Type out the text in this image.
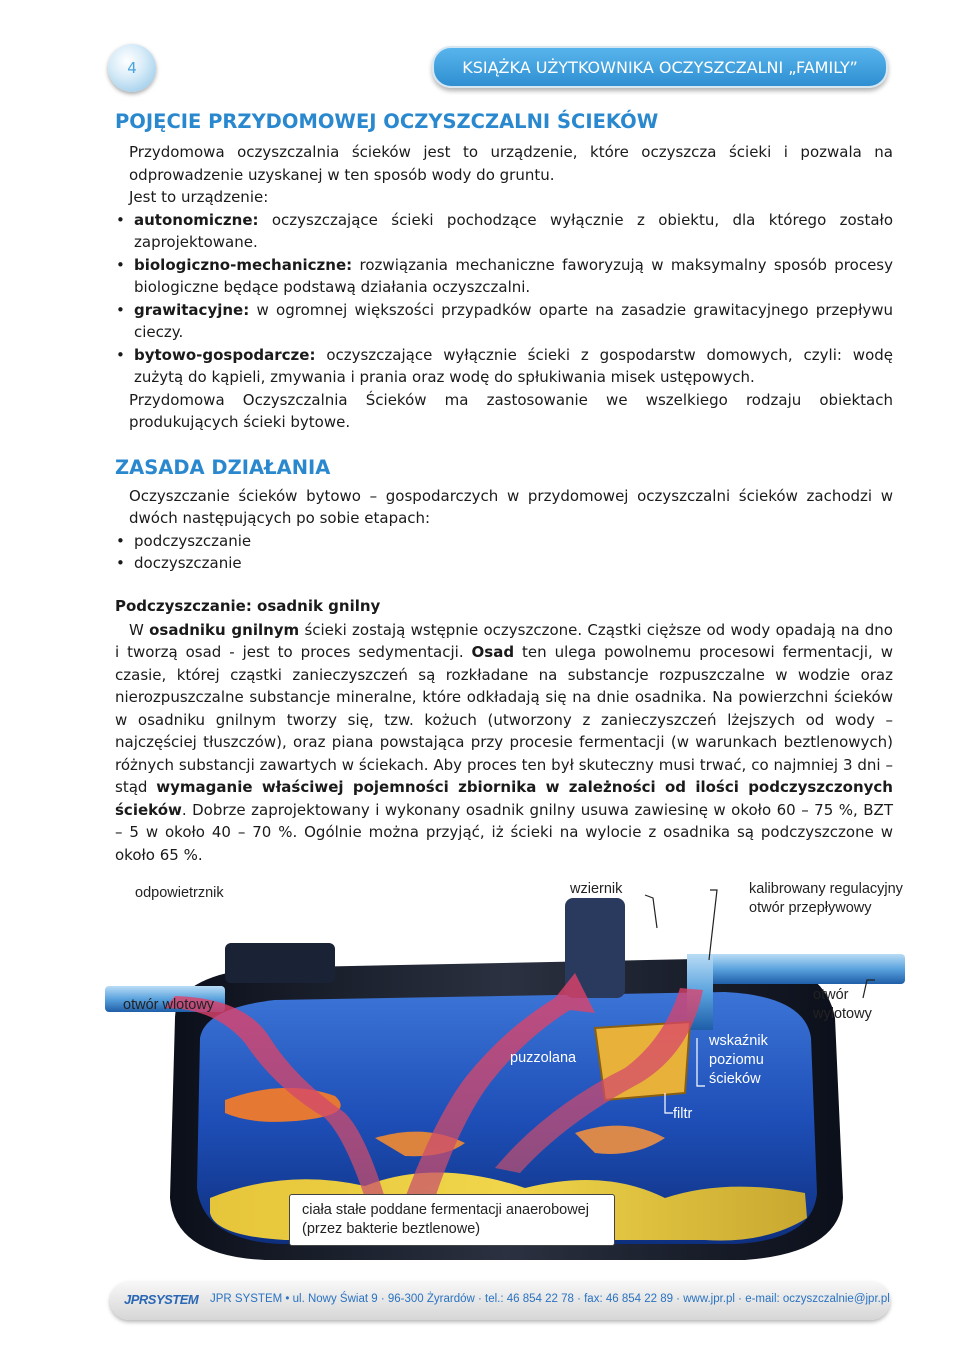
4	KSIĄŻKA UŻYTKOWNIKA OCZYSZCZALNI „FAMILY”
POJĘCIE PRZYDOMOWEJ OCZYSZCZALNI ŚCIEKÓW

Przydomowa oczyszczalnia ścieków jest to urządzenie, które oczyszcza ścieki i pozwala na odprowadzenie uzyskanej w ten sposób wody do gruntu.

Jest to urządzenie:

• autonomiczne: oczyszczające ścieki pochodzące wyłącznie z obiektu, dla którego zostało zaprojektowane.
• biologiczno-mechaniczne: rozwiązania mechaniczne faworyzują w maksymalny sposób procesy biologiczne będące podstawą działania oczyszczalni.
• grawitacyjne: w ogromnej większości przypadków oparte na zasadzie grawitacyjnego przepływu cieczy.
• bytowo-gospodarcze: oczyszczające wyłącznie ścieki z gospodarstw domowych, czyli: wodę zużytą do kąpieli, zmywania i prania oraz wodę do spłukiwania misek ustępowych.

Przydomowa Oczyszczalnia Ścieków ma zastosowanie we wszelkiego rodzaju obiektach produkujących ścieki bytowe.

ZASADA DZIAŁANIA

Oczyszczanie ścieków bytowo – gospodarczych w przydomowej oczyszczalni ścieków zachodzi w dwóch następujących po sobie etapach:

• podczyszczanie
• doczyszczanie

Podczyszczanie: osadnik gnilny

W osadniku gnilnym ścieki zostają wstępnie oczyszczone. Cząstki cięższe od wody opadają na dno i tworzą osad - jest to proces sedymentacji. Osad ten ulega powolnemu procesowi fermentacji, w czasie, której cząstki zanieczyszczeń są rozkładane na substancje rozpuszczalne w wodzie oraz nierozpuszczalne substancje mineralne, które odkładają się na dnie osadnika. Na powierzchni ścieków w osadniku gnilnym tworzy się, tzw. kożuch (utworzony z zanieczyszczeń lżejszych od wody – najczęściej tłuszczów), oraz piana powstająca przy procesie fermentacji (w warunkach beztlenowych) różnych substancji zawartych w ściekach. Aby proces ten był skuteczny musi trwać, co najmniej 3 dni – stąd wymaganie właściwej pojemności zbiornika w zależności od ilości podczyszczonych ścieków. Dobrze zaprojektowany i wykonany osadnik gnilny usuwa zawiesinę w około 60 – 75 %, BZT – 5 w około 40 – 70 %. Ogólnie można przyjąć, iż ścieki na wylocie z osadnika są podczyszczone w około 65 %.

odpowietrznik	wziernik	kalibrowany regulacyjny otwór przepływowy
otwór wlotowy
otwór wylotowy
puzzolana
wskaźnik poziomu ścieków
filtr
ciała stałe poddane fermentacji anaerobowej (przez bakterie beztlenowe)
JPRSYSTEM	JPR SYSTEM • ul. Nowy Świat 9 · 96-300 Żyrardów · tel.: 46 854 22 78 · fax: 46 854 22 89 · www.jpr.pl · e-mail: oczyszczalnie@jpr.pl
